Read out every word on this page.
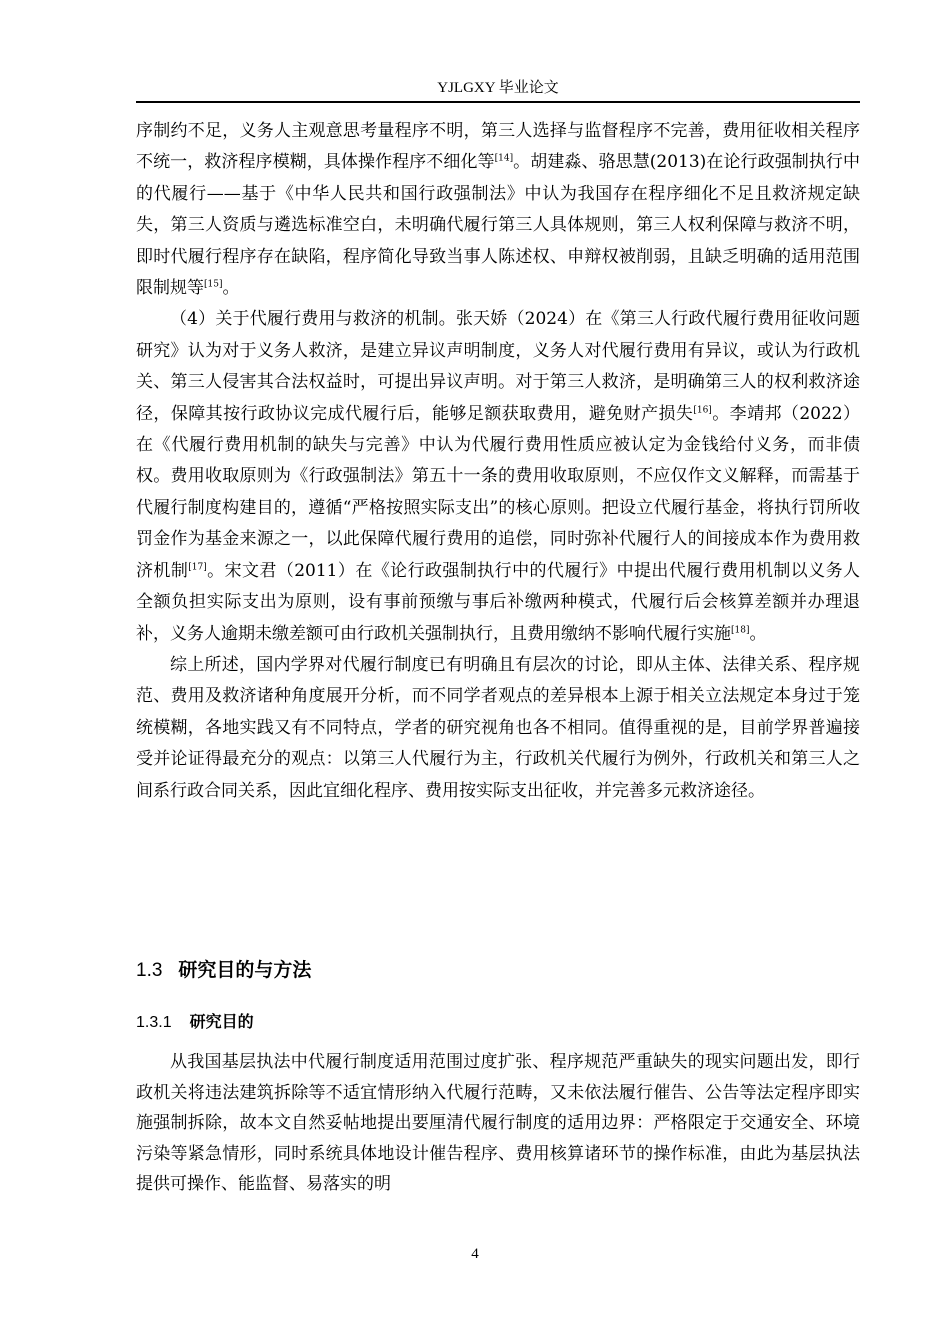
YJLGXY 毕业论文

序制约不足，义务人主观意思考量程序不明，第三人选择与监督程序不完善，费用征收相关程序不统一，救济程序模糊，具体操作程序不细化等[14]。胡建淼、骆思慧(2013)在论行政强制执行中的代履行——基于《中华人民共和国行政强制法》中认为我国存在程序细化不足且救济规定缺失，第三人资质与遴选标准空白，未明确代履行第三人具体规则，第三人权利保障与救济不明，即时代履行程序存在缺陷，程序简化导致当事人陈述权、申辩权被削弱，且缺乏明确的适用范围限制规等[15]。

（4）关于代履行费用与救济的机制。张天娇（2024）在《第三人行政代履行费用征收问题研究》认为对于义务人救济，是建立异议声明制度，义务人对代履行费用有异议，或认为行政机关、第三人侵害其合法权益时，可提出异议声明。对于第三人救济，是明确第三人的权利救济途径，保障其按行政协议完成代履行后，能够足额获取费用，避免财产损失[16]。李靖邦（2022）在《代履行费用机制的缺失与完善》中认为代履行费用性质应被认定为金钱给付义务，而非债权。费用收取原则为《行政强制法》第五十一条的费用收取原则，不应仅作文义解释，而需基于代履行制度构建目的，遵循“严格按照实际支出”的核心原则。把设立代履行基金，将执行罚所收罚金作为基金来源之一，以此保障代履行费用的追偿，同时弥补代履行人的间接成本作为费用救济机制[17]。宋文君（2011）在《论行政强制执行中的代履行》中提出代履行费用机制以义务人全额负担实际支出为原则，设有事前预缴与事后补缴两种模式，代履行后会核算差额并办理退补，义务人逾期未缴差额可由行政机关强制执行，且费用缴纳不影响代履行实施[18]。

综上所述，国内学界对代履行制度已有明确且有层次的讨论，即从主体、法律关系、程序规范、费用及救济诸种角度展开分析，而不同学者观点的差异根本上源于相关立法规定本身过于笼统模糊，各地实践又有不同特点，学者的研究视角也各不相同。值得重视的是，目前学界普遍接受并论证得最充分的观点：以第三人代履行为主，行政机关代履行为例外，行政机关和第三人之间系行政合同关系，因此宜细化程序、费用按实际支出征收，并完善多元救济途径。

1.3 研究目的与方法
1.3.1 研究目的

从我国基层执法中代履行制度适用范围过度扩张、程序规范严重缺失的现实问题出发，即行政机关将违法建筑拆除等不适宜情形纳入代履行范畴，又未依法履行催告、公告等法定程序即实施强制拆除，故本文自然妥帖地提出要厘清代履行制度的适用边界：严格限定于交通安全、环境污染等紧急情形，同时系统具体地设计催告程序、费用核算诸环节的操作标准，由此为基层执法提供可操作、能监督、易落实的明

4
